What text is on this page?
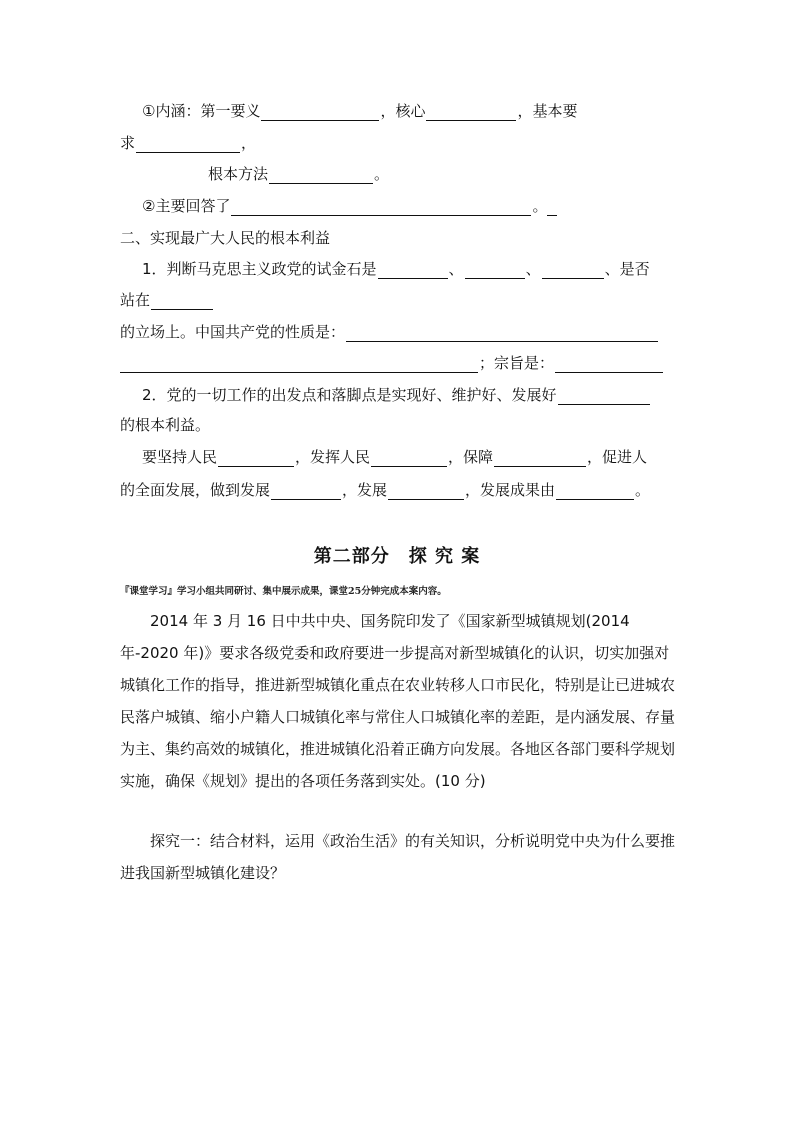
①内涵：第一要义	，核心	，基本要
求	，
根本方法	。
②主要回答了	。
二、实现最广大人民的根本利益
1．判断马克思主义政党的试金石是	、	、	、是否
站在
的立场上。中国共产党的性质是：
；宗旨是：
2．党的一切工作的出发点和落脚点是实现好、维护好、发展好
的根本利益。
要坚持人民	，发挥人民	，保障	，促进人
的全面发展，做到发展	，发展	，发展成果由	。
第二部分　探 究 案
『课堂学习』学习小组共同研讨、集中展示成果，课堂25分钟完成本案内容。
2014 年 3 月 16 日中共中央、国务院印发了《国家新型城镇规划(2014 年-2020 年)》要求各级党委和政府要进一步提高对新型城镇化的认识，切实加强对城镇化工作的指导，推进新型城镇化重点在农业转移人口市民化，特别是让已进城农民落户城镇、缩小户籍人口城镇化率与常住人口城镇化率的差距，是内涵发展、存量为主、集约高效的城镇化，推进城镇化沿着正确方向发展。各地区各部门要科学规划实施，确保《规划》提出的各项任务落到实处。(10 分)
探究一：结合材料，运用《政治生活》的有关知识，分析说明党中央为什么要推进我国新型城镇化建设？
